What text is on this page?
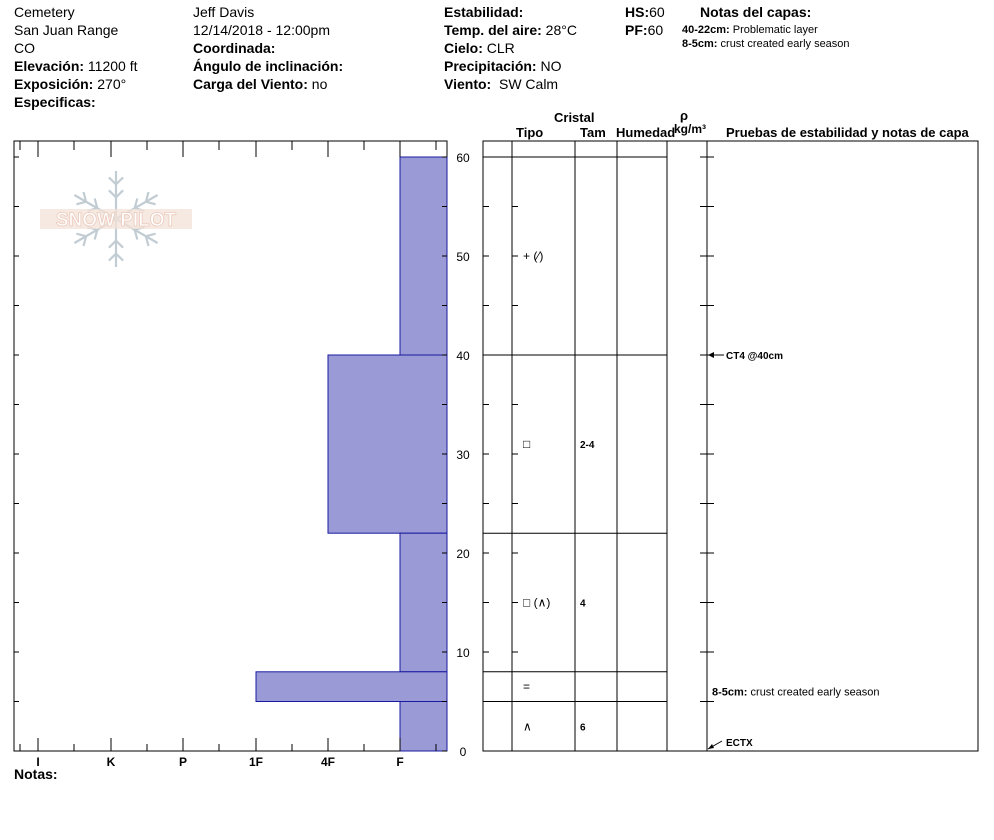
Cemetery
San Juan Range
CO
Elevación: 11200 ft
Exposición: 270°
Especificas:
Jeff Davis
12/14/2018 - 12:00pm
Coordinada:
Ángulo de inclinación:
Carga del Viento: no
Estabilidad:
Temp. del aire: 28°C
Cielo: CLR
Precipitación: NO
Viento: SW Calm
HS:60
PF:60
Notas del capas:
40-22cm: Problematic layer
8-5cm: crust created early season
Cristal
Tipo	Tam Humedad
ρ
kg/m³ Pruebas de estabilidad y notas de capa
SNOW PILOT
0
10
20
30
40
50
60
I	K	P	1F	4F	F
+ (⁄)
□	2-4
□ (∧)	4
=
∧	6
CT4 @40cm
ECTX
8-5cm: crust created early season
Notas:
